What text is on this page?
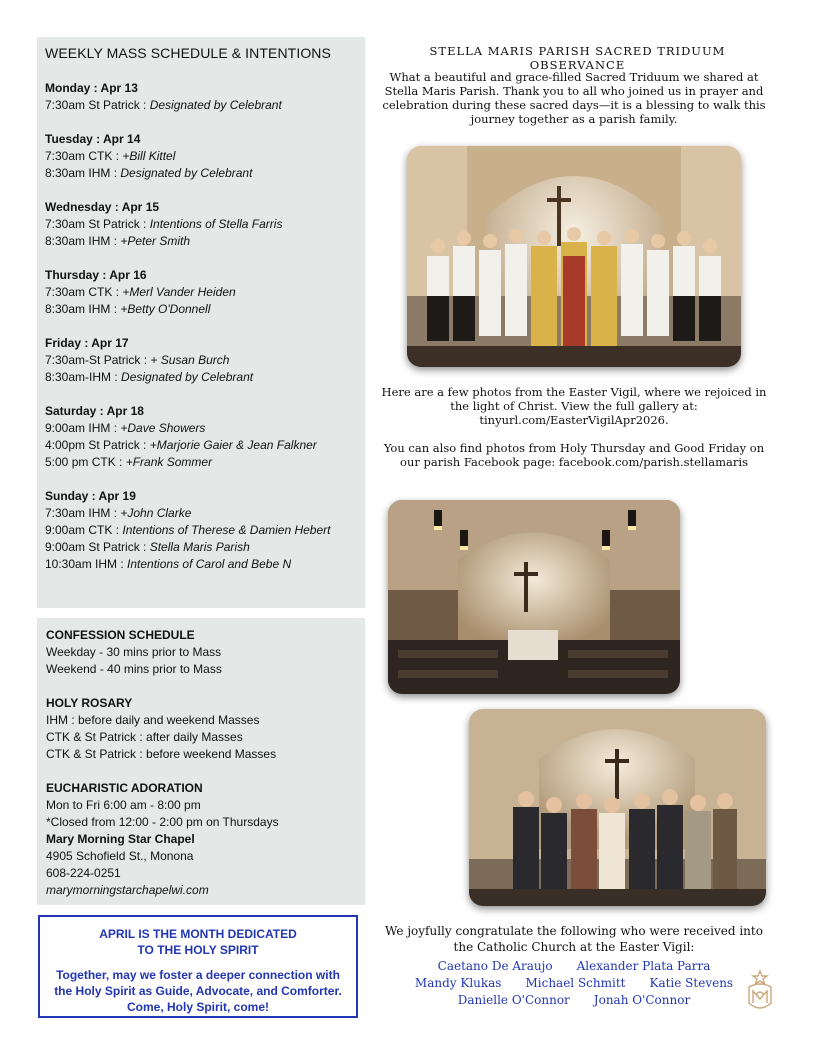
WEEKLY MASS SCHEDULE & INTENTIONS
Monday : Apr 13
7:30am St Patrick : Designated by Celebrant
Tuesday : Apr 14
7:30am CTK : +Bill Kittel
8:30am IHM : Designated by Celebrant
Wednesday : Apr 15
7:30am St Patrick : Intentions of Stella Farris
8:30am IHM : +Peter Smith
Thursday : Apr 16
7:30am CTK : +Merl Vander Heiden
8:30am IHM : +Betty O'Donnell
Friday : Apr 17
7:30am-St Patrick : + Susan Burch
8:30am-IHM : Designated by Celebrant
Saturday : Apr 18
9:00am IHM : +Dave Showers
4:00pm St Patrick : +Marjorie Gaier & Jean Falkner
5:00 pm CTK : +Frank Sommer
Sunday : Apr 19
7:30am IHM : +John Clarke
9:00am CTK : Intentions of Therese & Damien Hebert
9:00am St Patrick : Stella Maris Parish
10:30am IHM : Intentions of Carol and Bebe N
CONFESSION SCHEDULE
Weekday - 30 mins prior to Mass
Weekend - 40 mins prior to Mass
HOLY ROSARY
IHM : before daily and weekend Masses
CTK & St Patrick : after daily Masses
CTK & St Patrick : before weekend Masses
EUCHARISTIC ADORATION
Mon to Fri 6:00 am - 8:00 pm
*Closed from 12:00 - 2:00 pm on Thursdays
Mary Morning Star Chapel
4905 Schofield St., Monona
608-224-0251
marymorningstarchapelwi.com
APRIL IS THE MONTH DEDICATED
TO THE HOLY SPIRIT
Together, may we foster a deeper connection with the Holy Spirit as Guide, Advocate, and Comforter. Come, Holy Spirit, come!
STELLA MARIS PARISH SACRED TRIDUUM OBSERVANCE
What a beautiful and grace-filled Sacred Triduum we shared at Stella Maris Parish. Thank you to all who joined us in prayer and celebration during these sacred days—it is a blessing to walk this journey together as a parish family.

Here are a few photos from the Easter Vigil, where we rejoiced in the light of Christ. View the full gallery at: tinyurl.com/EasterVigilApr2026.

You can also find photos from Holy Thursday and Good Friday on our parish Facebook page: facebook.com/parish.stellamaris

We joyfully congratulate the following who were received into the Catholic Church at the Easter Vigil:
Caetano De Araujo Alexander Plata Parra
Mandy Klukas Michael Schmitt Katie Stevens
Danielle O'Connor Jonah O'Connor
